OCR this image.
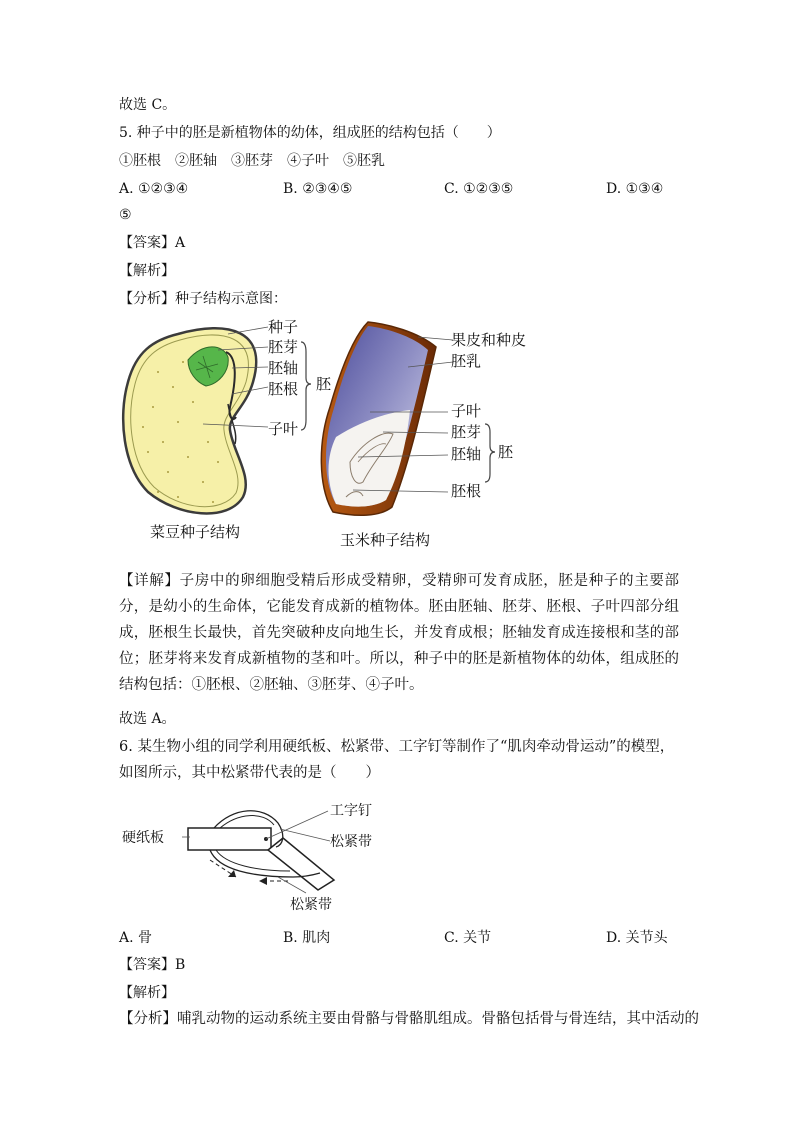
故选 C。
5. 种子中的胚是新植物体的幼体，组成胚的结构包括（　　）
①胚根　②胚轴　③胚芽　④子叶　⑤胚乳
A. ①②③④	B. ②③④⑤	C. ①②③⑤	D. ①③④
⑤
【答案】A
【解析】
【分析】种子结构示意图：
种子
胚芽
胚轴
胚根
子叶
胚
菜豆种子结构
果皮和种皮
胚乳
子叶
胚芽
胚轴
胚根
胚
玉米种子结构
【详解】子房中的卵细胞受精后形成受精卵，受精卵可发育成胚，胚是种子的主要部分，是幼小的生命体，它能发育成新的植物体。胚由胚轴、胚芽、胚根、子叶四部分组成，胚根生长最快，首先突破种皮向地生长，并发育成根；胚轴发育成连接根和茎的部位；胚芽将来发育成新植物的茎和叶。所以，种子中的胚是新植物体的幼体，组成胚的结构包括：①胚根、②胚轴、③胚芽、④子叶。
故选 A。
6. 某生物小组的同学利用硬纸板、松紧带、工字钉等制作了“肌肉牵动骨运动”的模型，
如图所示，其中松紧带代表的是（　　）
硬纸板
工字钉
松紧带
松紧带
A. 骨	B. 肌肉	C. 关节	D. 关节头
【答案】B
【解析】
【分析】哺乳动物的运动系统主要由骨骼与骨骼肌组成。骨骼包括骨与骨连结，其中活动的
